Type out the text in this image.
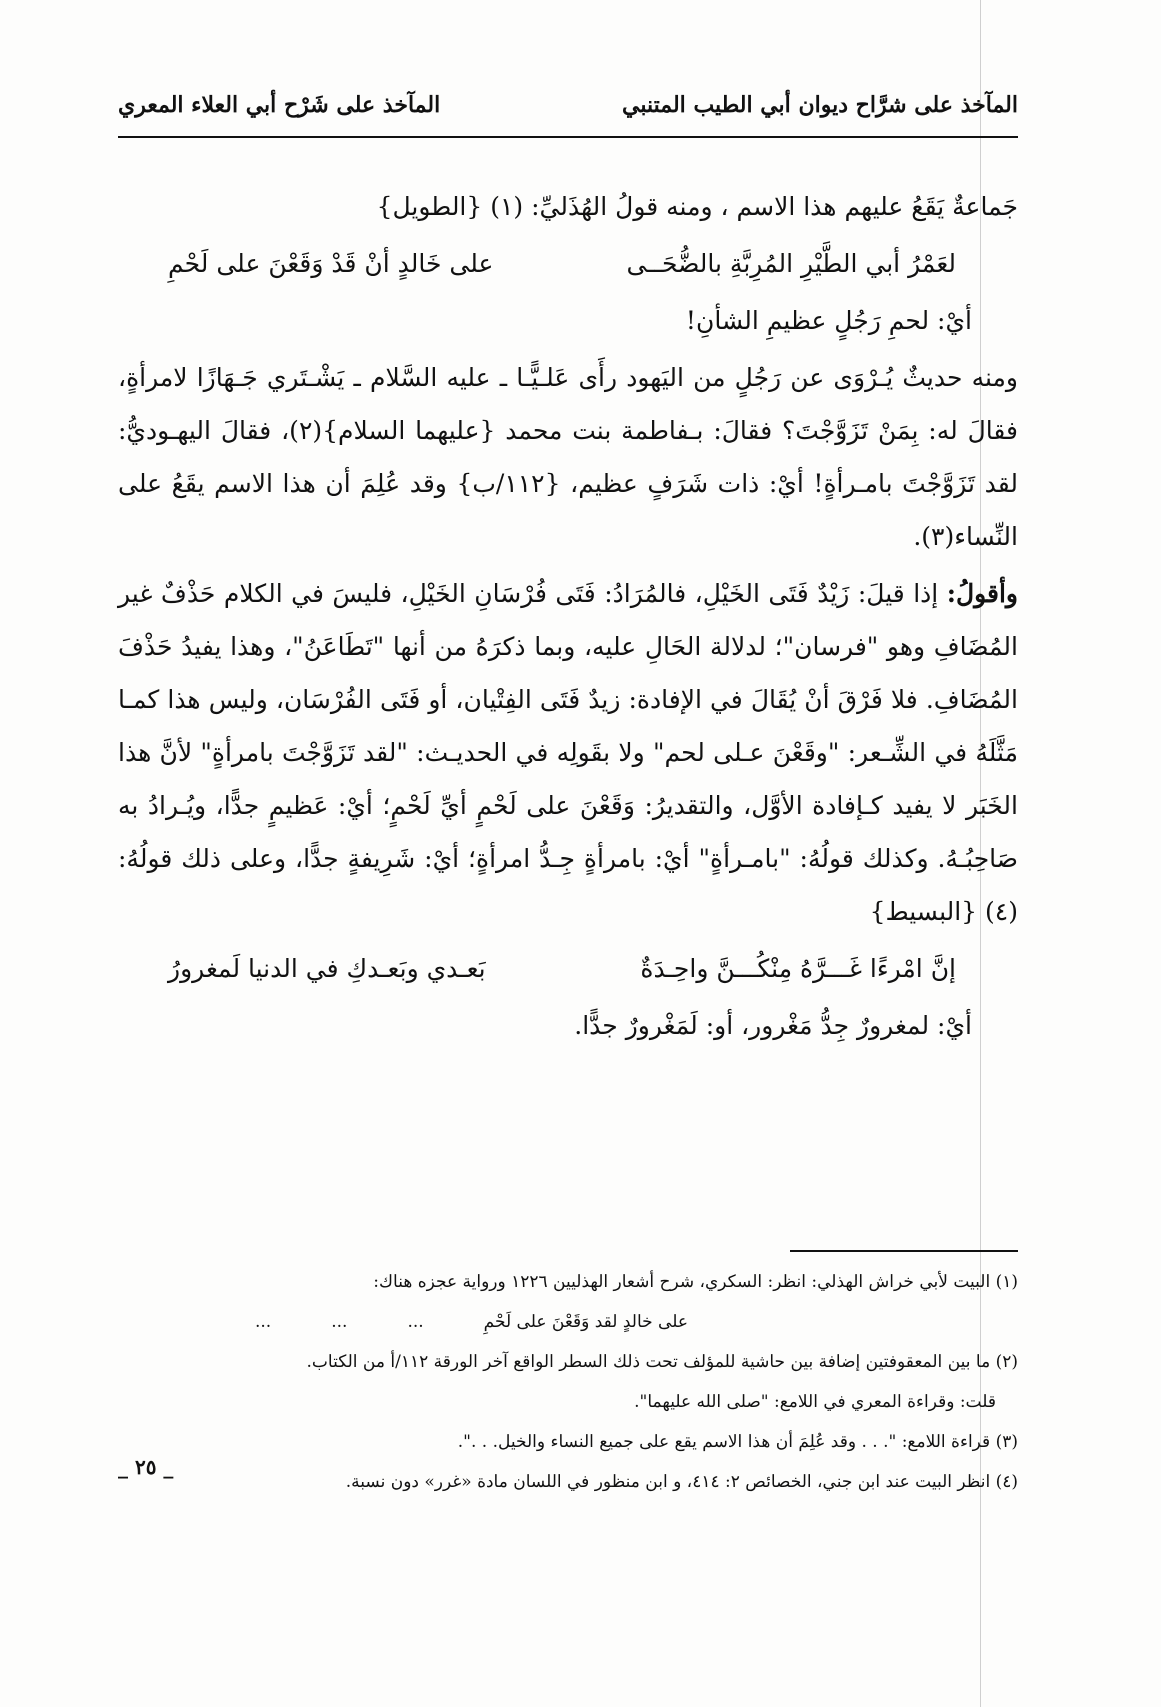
المآخذ على شرَّاح ديوان أبي الطيب المتنبي
المآخذ على شَرْح أبي العلاء المعري

جَماعةٌ يَقَعُ عليهم هذا الاسم ، ومنه قولُ الهُذَليِّ: (١) {الطويل}

لعَمْرُ أبي الطَّيْرِ المُرِبَّةِ بالضُّحَــى
على خَالدٍ أنْ قَدْ وَقَعْنَ على لَحْمِ

أيْ: لحمِ رَجُلٍ عظيمِ الشأنِ!

ومنه حديثٌ يُـرْوَى عن رَجُلٍ من اليَهود رأَى عَلـيًّـا ـ عليه السَّلام ـ يَشْـتَري جَـهَازًا لامرأةٍ، فقالَ له: بِمَنْ تَزَوَّجْتَ؟ فقالَ: بـفاطمة بنت محمد {عليهما السلام}(٢)، فقالَ اليهـوديُّ: لقد تَزَوَّجْتَ بامـرأةٍ! أيْ: ذات شَرَفٍ عظيم، {١١٢/ب} وقد عُلِمَ أن هذا الاسم يقَعُ على النِّساء(٣).

وأقولُ: إذا قيلَ: زَيْدٌ فَتَى الخَيْلِ، فالمُرَادُ: فَتَى فُرْسَانِ الخَيْلِ، فليسَ في الكلام حَذْفٌ غير المُضَافِ وهو "فرسان"؛ لدلالة الحَالِ عليه، وبما ذكرَهُ من أنها "تَطَاعَنُ"، وهذا يفيدُ حَذْفَ المُضَافِ. فلا فَرْقَ أنْ يُقَالَ في الإفادة: زيدٌ فَتَى الفِتْيان، أو فَتَى الفُرْسَان، وليس هذا كمـا مَثَّلَهُ في الشِّـعر: "وقَعْنَ عـلى لحم" ولا بقَولِه في الحديـث: "لقد تَزَوَّجْتَ بامرأةٍ" لأنَّ هذا الخَبَر لا يفيد كـإفادة الأوَّل، والتقديرُ: وَقَعْنَ على لَحْمٍ أيِّ لَحْمٍ؛ أيْ: عَظيمٍ جدًّا، ويُـرادُ به صَاحِبُـهُ. وكذلك قولُهُ: "بامـرأةٍ" أيْ: بامرأةٍ جِـدُّ امرأةٍ؛ أيْ: شَرِيفةٍ جدًّا، وعلى ذلك قولُهُ:(٤) {البسيط}

إنَّ امْرءًا غَـــرَّهُ مِنْكُـــنَّ واحِـدَةٌ
بَعـدي وبَعـدكِ في الدنيا لَمغرورُ

أيْ: لمغرورٌ جِدُّ مَغْرور، أو: لَمَغْرورٌ جدًّا.

(١) البيت لأبي خراش الهذلي: انظر: السكري، شرح أشعار الهذليين ١٢٢٦ ورواية عجزه هناك:

على خالدٍ لقد وَقَعْنَ على لَحْمِ
...
...
...

(٢) ما بين المعقوفتين إضافة بين حاشية للمؤلف تحت ذلك السطر الواقع آخر الورقة ١١٢/أ من الكتاب.

قلت: وقراءة المعري في اللامع: "صلى الله عليهما".

(٣) قراءة اللامع: ". . . وقد عُلِمَ أن هذا الاسم يقع على جميع النساء والخيل. . .".

(٤) انظر البيت عند ابن جني، الخصائص ٢: ٤١٤، و ابن منظور في اللسان مادة «غرر» دون نسبة.

_ ٢٥ _
